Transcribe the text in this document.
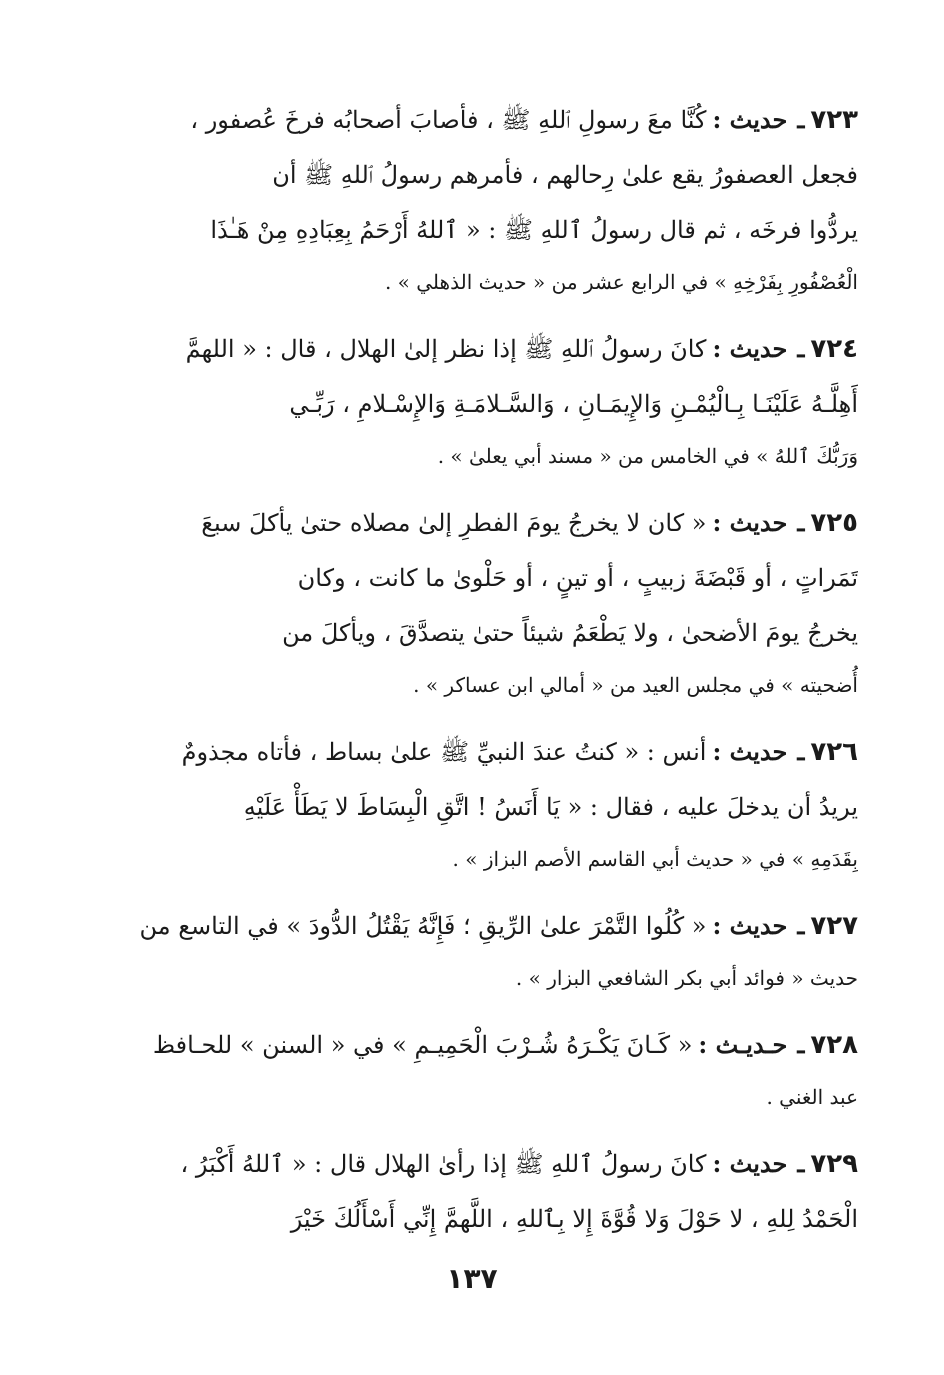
٧٢٣
ـ
حديث :
كُنَّا معَ رسولِ ٱللهِ ﷺ ، فأصابَ أصحابُه فرخَ عُصفور ،
فجعل العصفورُ يقع علىٰ رِحالهم ، فأمرهم رسولُ ٱللهِ ﷺ أن
يردُّوا فرخَه ، ثم قال رسولُ ٱللهِ ﷺ : « ٱللهُ أَرْحَمُ بِعِبَادِهِ مِنْ هَـٰذَا
الْعُصْفُورِ بِفَرْخِهِ » في الرابع عشر من « حديث الذهلي » .
٧٢٤
ـ
حديث :
كانَ رسولُ ٱللهِ ﷺ إذا نظر إلىٰ الهلال ، قال : « اللهمَّ
أَهِلَّـهُ عَلَيْنَـا بِـالْيُمْـنِ وَالإِيمَـانِ ، وَالسَّـلامَـةِ وَالإِسْـلامِ ، رَبِّـي
وَرَبُّكَ ٱللهُ » في الخامس من « مسند أبي يعلىٰ » .
٧٢٥
ـ
حديث :
« كان لا يخرجُ يومَ الفطرِ إلىٰ مصلاه حتىٰ يأكلَ سبعَ
تَمَراتٍ ، أو قَبْضَةَ زبيبٍ ، أو تينٍ ، أو حَلْوىٰ ما كانت ، وكان
يخرجُ يومَ الأضحىٰ ، ولا يَطْعَمُ شيئاً حتىٰ يتصدَّقَ ، ويأكلَ من
أُضحيته » في مجلس العيد من « أمالي ابن عساكر » .
٧٢٦
ـ
حديث :
أنس : « كنتُ عندَ النبيِّ ﷺ علىٰ بساط ، فأتاه مجذومٌ
يريدُ أن يدخلَ عليه ، فقال : « يَا أَنَسُ ! اتَّقِ الْبِسَاطَ لا يَطَأْ عَلَيْهِ
بِقَدَمِهِ » في « حديث أبي القاسم الأصم البزاز » .
٧٢٧
ـ
حديث :
« كُلُوا التَّمْرَ علىٰ الرِّيقِ ؛ فَإِنَّهُ يَقْتُلُ الدُّودَ » في التاسع من
حديث « فوائد أبي بكر الشافعي البزار » .
٧٢٨
ـ
حـديـث :
« كَـانَ يَكْـرَهُ شُـرْبَ الْحَمِيـمِ » في « السنن » للحـافظ
عبد الغني .
٧٢٩
ـ
حديث :
كانَ رسولُ ٱللهِ ﷺ إذا رأىٰ الهلال قال : « ٱللهُ أَكْبَرُ ،
الْحَمْدُ لِلهِ ، لا حَوْلَ وَلا قُوَّةَ إِلا بِٱللهِ ، اللَّهمَّ إِنِّي أَسْأَلُكَ خَيْرَ
١٣٧
